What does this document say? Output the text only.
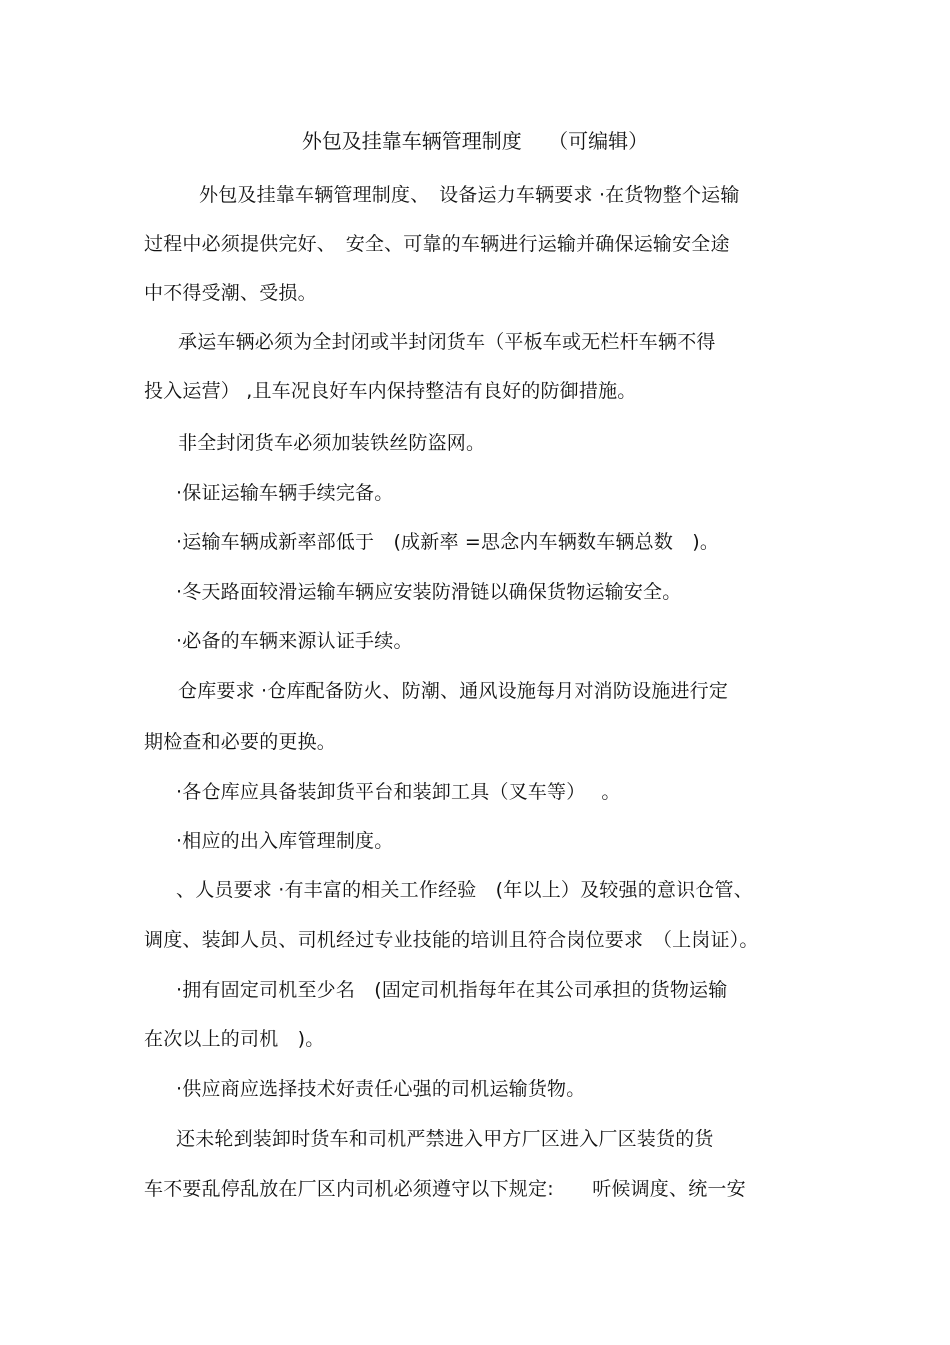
外包及挂靠车辆管理制度　 （可编辑）
外包及挂靠车辆管理制度、　设备运力车辆要求 ·在货物整个运输
过程中必须提供完好、　安全、可靠的车辆进行运输并确保运输安全途
中不得受潮、受损。
承运车辆必须为全封闭或半封闭货车（平板车或无栏杆车辆不得
投入运营） ,且车况良好车内保持整洁有良好的防御措施。
非全封闭货车必须加装铁丝防盗网。
·保证运输车辆手续完备。
·运输车辆成新率部低于　(成新率 =思念内车辆数车辆总数　)。
·冬天路面较滑运输车辆应安装防滑链以确保货物运输安全。
·必备的车辆来源认证手续。
仓库要求 ·仓库配备防火、防潮、通风设施每月对消防设施进行定
期检查和必要的更换。
·各仓库应具备装卸货平台和装卸工具（叉车等）　 。
·相应的出入库管理制度。
、人员要求 ·有丰富的相关工作经验　(年以上）及较强的意识仓管、
调度、装卸人员、司机经过专业技能的培训且符合岗位要求　（上岗证）。
·拥有固定司机至少名　(固定司机指每年在其公司承担的货物运输
在次以上的司机　)。
·供应商应选择技术好责任心强的司机运输货物。
还未轮到装卸时货车和司机严禁进入甲方厂区进入厂区装货的货
车不要乱停乱放在厂区内司机必须遵守以下规定:　　听候调度、统一安
